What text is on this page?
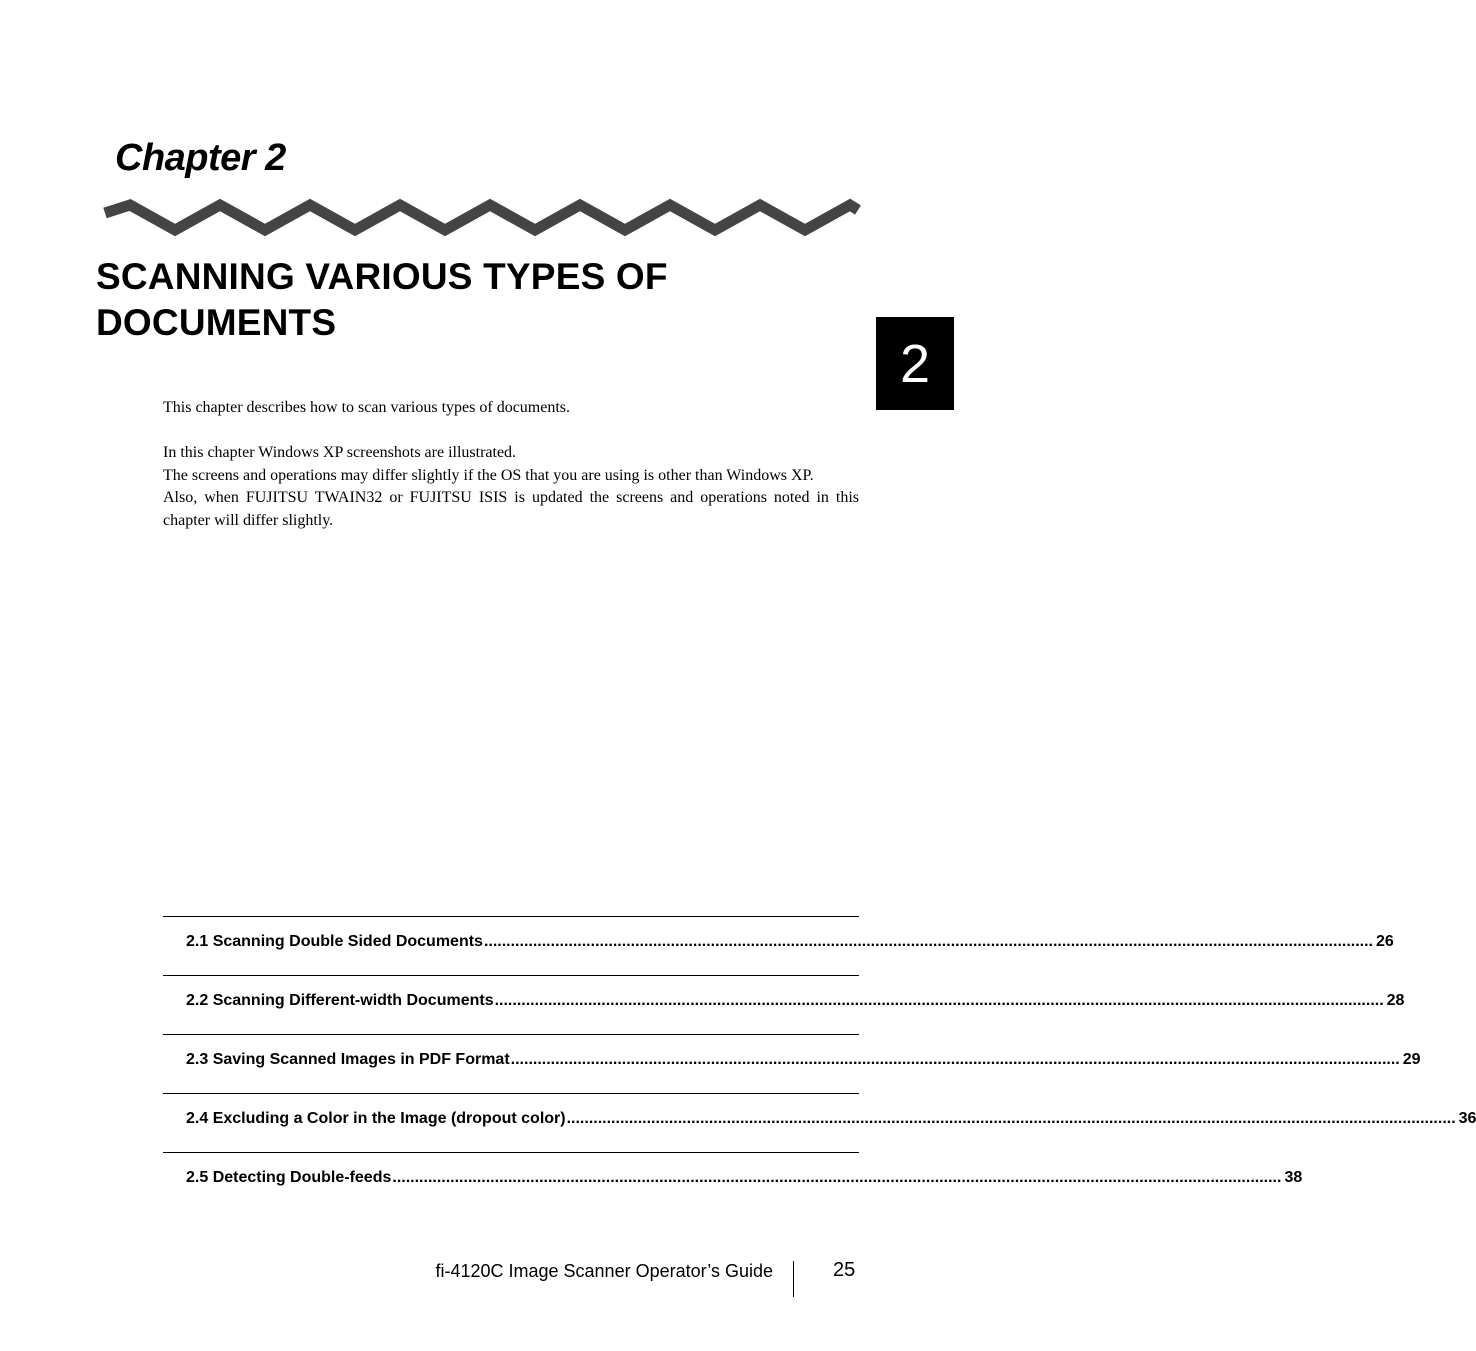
Chapter 2
SCANNING VARIOUS TYPES OF DOCUMENTS
2

This chapter describes how to scan various types of documents.

In this chapter Windows XP screenshots are illustrated.

The screens and operations may differ slightly if the OS that you are using is other than Windows XP.

Also, when FUJITSU TWAIN32 or FUJITSU ISIS is updated the screens and operations noted in this chapter will differ slightly.

2.1 Scanning Double Sided Documents ........................................................................................................................................................................................................ 26
2.2 Scanning Different-width Documents ........................................................................................................................................................................................................ 28
2.3 Saving Scanned Images in PDF Format ........................................................................................................................................................................................................ 29
2.4 Excluding a Color in the Image (dropout color) ........................................................................................................................................................................................................ 36
2.5 Detecting Double-feeds ........................................................................................................................................................................................................ 38
fi-4120C Image Scanner Operator’s Guide	25
